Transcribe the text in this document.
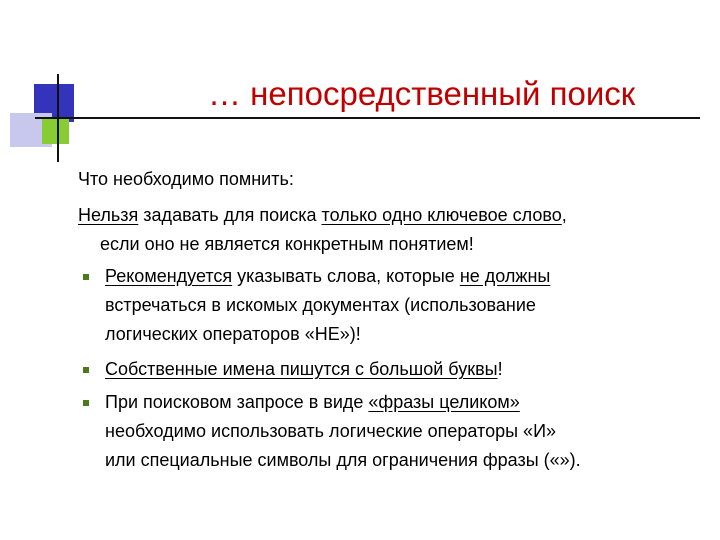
… непосредственный поиск
Что необходимо помнить:
Нельзя задавать для поиска только одно ключевое слово,
если оно не является конкретным понятием!
Рекомендуется указывать слова, которые не должны
встречаться в искомых документах (использование
логических операторов «НЕ»)!
Собственные имена пишутся с большой буквы!
При поисковом запросе в виде «фразы целиком»
необходимо использовать логические операторы «И»
или специальные символы для ограничения фразы («»).
